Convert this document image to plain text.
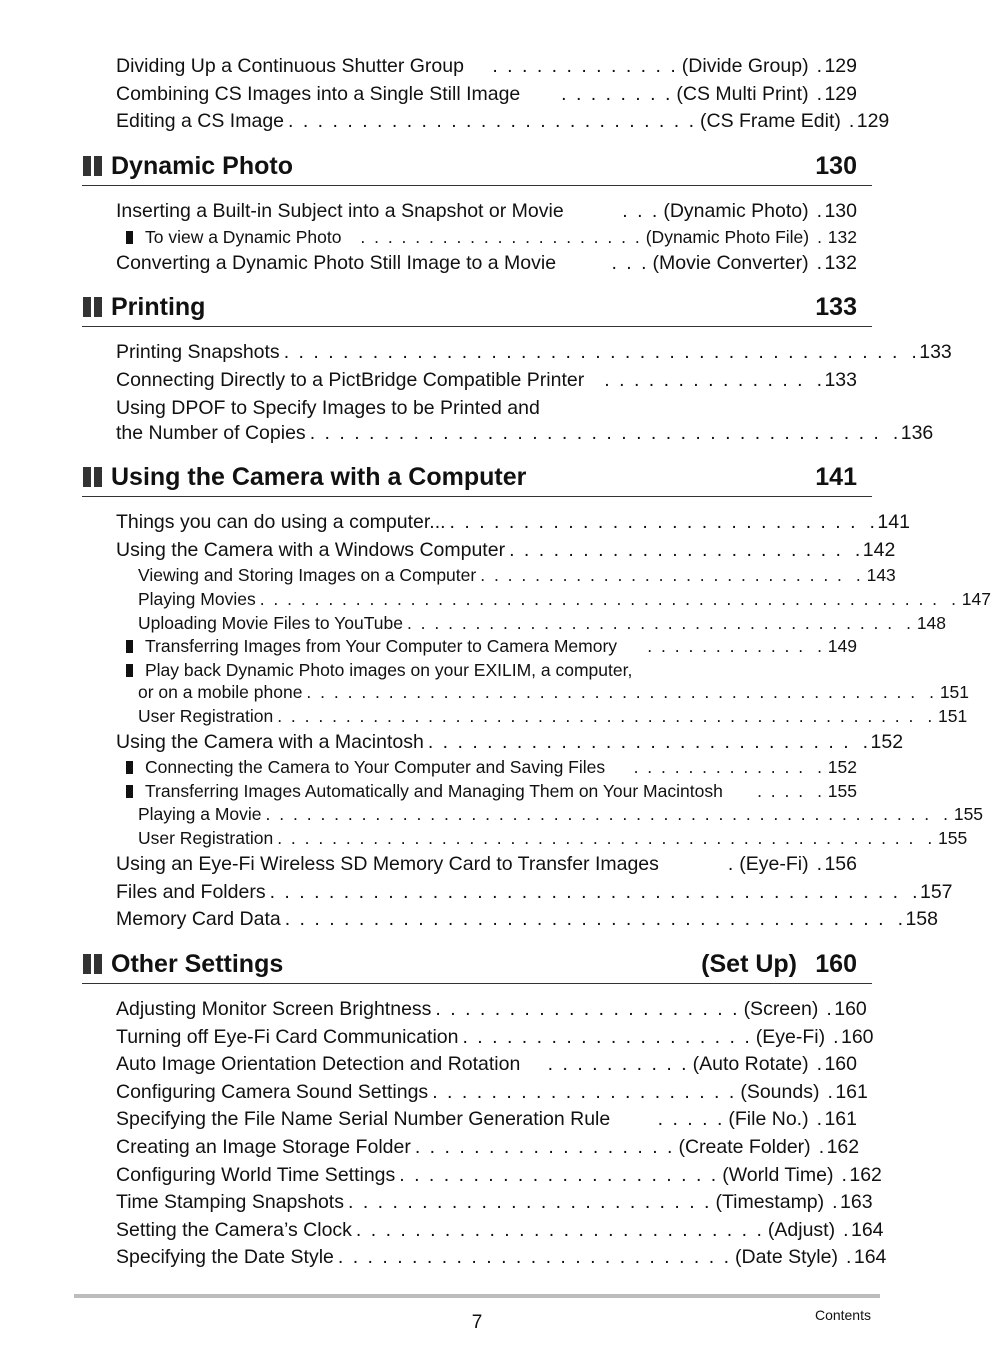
Dividing Up a Continuous Shutter Group	. . . . . . . . . . . . . (Divide Group) . 129
Combining CS Images into a Single Still Image	. . . . . . . . (CS Multi Print) . 129
Editing a CS Image . . . . . . . . . . . . . . . . . . . . . . . . . . . . (CS Frame Edit) . 129
Dynamic Photo	130
Inserting a Built-in Subject into a Snapshot or Movie	. . . (Dynamic Photo) . 130
To view a Dynamic Photo	. . . . . . . . . . . . . . . . . . . . . (Dynamic Photo File) . 132
Converting a Dynamic Photo Still Image to a Movie	. . . (Movie Converter) . 132
Printing	133
Printing Snapshots . . . . . . . . . . . . . . . . . . . . . . . . . . . . . . . . . . . . . . . . . . . 133
Connecting Directly to a PictBridge Compatible Printer	. . . . . . . . . . . . . . . 133
Using DPOF to Specify Images to be Printed and
the Number of Copies . . . . . . . . . . . . . . . . . . . . . . . . . . . . . . . . . . . . . . . . 136
Using the Camera with a Computer	141
Things you can do using a computer... . . . . . . . . . . . . . . . . . . . . . . . . . . . . . 141
Using the Camera with a Windows Computer . . . . . . . . . . . . . . . . . . . . . . . . 142
Viewing and Storing Images on a Computer . . . . . . . . . . . . . . . . . . . . . . . . . . . . 143
Playing Movies . . . . . . . . . . . . . . . . . . . . . . . . . . . . . . . . . . . . . . . . . . . . . . . . . . . 147
Uploading Movie Files to YouTube . . . . . . . . . . . . . . . . . . . . . . . . . . . . . . . . . . . . . 148
Transferring Images from Your Computer to Camera Memory	. . . . . . . . . . . . . 149
Play back Dynamic Photo images on your EXILIM, a computer,
or on a mobile phone . . . . . . . . . . . . . . . . . . . . . . . . . . . . . . . . . . . . . . . . . . . . . . 151
User Registration . . . . . . . . . . . . . . . . . . . . . . . . . . . . . . . . . . . . . . . . . . . . . . . . 151
Using the Camera with a Macintosh . . . . . . . . . . . . . . . . . . . . . . . . . . . . . . 152
Connecting the Camera to Your Computer and Saving Files	. . . . . . . . . . . . . . 152
Transferring Images Automatically and Managing Them on Your Macintosh	. . . . . 155
Playing a Movie . . . . . . . . . . . . . . . . . . . . . . . . . . . . . . . . . . . . . . . . . . . . . . . . . . 155
User Registration . . . . . . . . . . . . . . . . . . . . . . . . . . . . . . . . . . . . . . . . . . . . . . . . 155
Using an Eye-Fi Wireless SD Memory Card to Transfer Images	. (Eye-Fi) . 156
Files and Folders . . . . . . . . . . . . . . . . . . . . . . . . . . . . . . . . . . . . . . . . . . . . 157
Memory Card Data . . . . . . . . . . . . . . . . . . . . . . . . . . . . . . . . . . . . . . . . . . 158
Other Settings	(Set Up) 160
Adjusting Monitor Screen Brightness . . . . . . . . . . . . . . . . . . . . . (Screen) . 160
Turning off Eye-Fi Card Communication . . . . . . . . . . . . . . . . . . . . (Eye-Fi) . 160
Auto Image Orientation Detection and Rotation	. . . . . . . . . . (Auto Rotate) . 160
Configuring Camera Sound Settings . . . . . . . . . . . . . . . . . . . . . (Sounds) . 161
Specifying the File Name Serial Number Generation Rule	. . . . . (File No.) . 161
Creating an Image Storage Folder . . . . . . . . . . . . . . . . . . (Create Folder) . 162
Configuring World Time Settings . . . . . . . . . . . . . . . . . . . . . . (World Time) . 162
Time Stamping Snapshots . . . . . . . . . . . . . . . . . . . . . . . . . (Timestamp) . 163
Setting the Camera’s Clock . . . . . . . . . . . . . . . . . . . . . . . . . . . . (Adjust) . 164
Specifying the Date Style . . . . . . . . . . . . . . . . . . . . . . . . . . . (Date Style) . 164
7	Contents
